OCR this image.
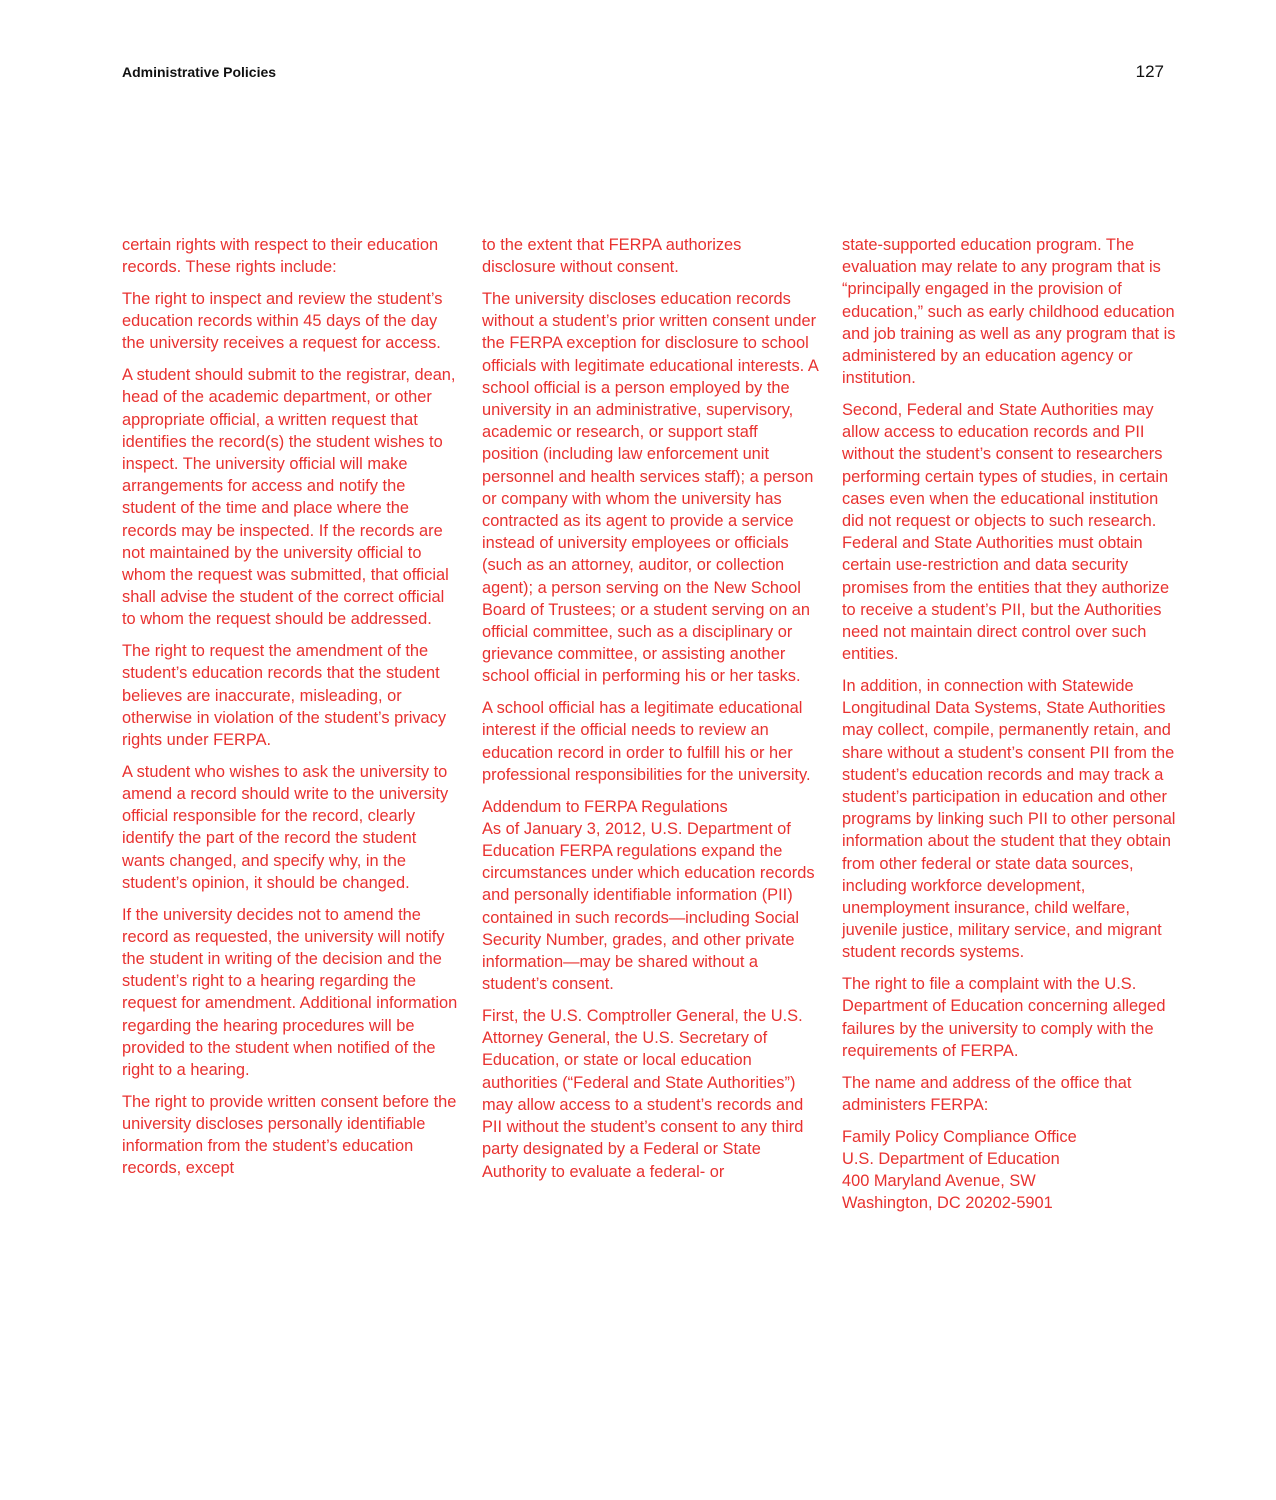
Administrative Policies	127

certain rights with respect to their education records. These rights include:

The right to inspect and review the student’s education records within 45 days of the day the university receives a request for access.

A student should submit to the registrar, dean, head of the academic department, or other appropriate official, a written request that identifies the record(s) the student wishes to inspect. The university official will make arrangements for access and notify the student of the time and place where the records may be inspected. If the records are not maintained by the university official to whom the request was submitted, that official shall advise the student of the correct official to whom the request should be addressed.

The right to request the amendment of the student’s education records that the student believes are inaccurate, misleading, or otherwise in violation of the student’s privacy rights under FERPA.

A student who wishes to ask the university to amend a record should write to the university official responsible for the record, clearly identify the part of the record the student wants changed, and specify why, in the student’s opinion, it should be changed.

If the university decides not to amend the record as requested, the university will notify the student in writing of the decision and the student’s right to a hearing regarding the request for amendment. Additional information regarding the hearing procedures will be provided to the student when notified of the right to a hearing.

The right to provide written consent before the university discloses personally identifiable information from the student’s education records, except

to the extent that FERPA authorizes disclosure without consent.

The university discloses education records without a student’s prior written consent under the FERPA exception for disclosure to school officials with legitimate educational interests. A school official is a person employed by the university in an administrative, supervisory, academic or research, or support staff position (including law enforcement unit personnel and health services staff); a person or company with whom the university has contracted as its agent to provide a service instead of university employees or officials (such as an attorney, auditor, or collection agent); a person serving on the New School Board of Trustees; or a student serving on an official committee, such as a disciplinary or grievance committee, or assisting another school official in performing his or her tasks.

A school official has a legitimate educational interest if the official needs to review an education record in order to fulfill his or her professional responsibilities for the university.

Addendum to FERPA Regulations

As of January 3, 2012, U.S. Department of Education FERPA regulations expand the circumstances under which education records and personally identifiable information (PII) contained in such records—including Social Security Number, grades, and other private information—may be shared without a student’s consent.

First, the U.S. Comptroller General, the U.S. Attorney General, the U.S. Secretary of Education, or state or local education authorities (“Federal and State Authorities”) may allow access to a student’s records and PII without the student’s consent to any third party designated by a Federal or State Authority to evaluate a federal- or

state-supported education program. The evaluation may relate to any program that is “principally engaged in the provision of education,” such as early childhood education and job training as well as any program that is administered by an education agency or institution.

Second, Federal and State Authorities may allow access to education records and PII without the student’s consent to researchers performing certain types of studies, in certain cases even when the educational institution did not request or objects to such research. Federal and State Authorities must obtain certain use-restriction and data security promises from the entities that they authorize to receive a student’s PII, but the Authorities need not maintain direct control over such entities.

In addition, in connection with Statewide Longitudinal Data Systems, State Authorities may collect, compile, permanently retain, and share without a student’s consent PII from the student’s education records and may track a student’s participation in education and other programs by linking such PII to other personal information about the student that they obtain from other federal or state data sources, including workforce development, unemployment insurance, child welfare, juvenile justice, military service, and migrant student records systems.

The right to file a complaint with the U.S. Department of Education concerning alleged failures by the university to comply with the requirements of FERPA.

The name and address of the office that administers FERPA:

Family Policy Compliance Office
U.S. Department of Education
400 Maryland Avenue, SW
Washington, DC 20202-5901
